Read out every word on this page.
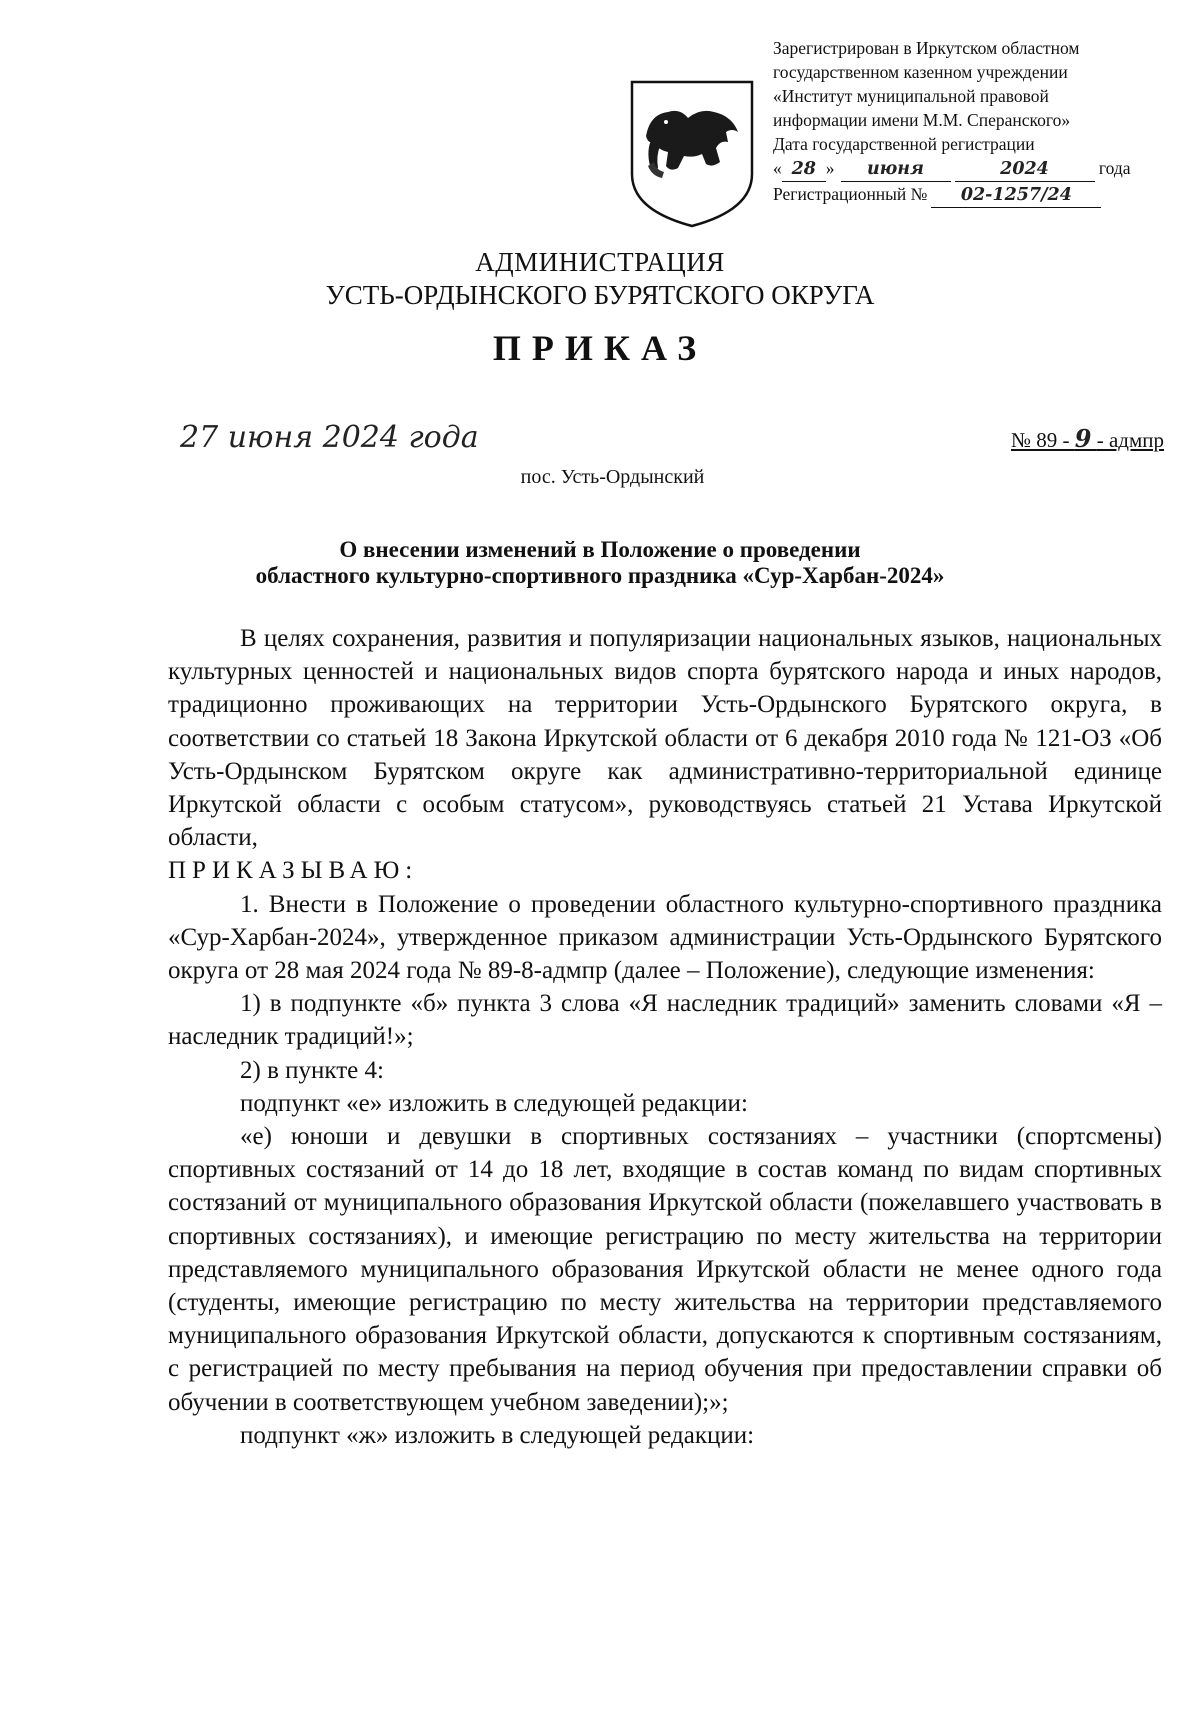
Зарегистрирован в Иркутском областном
государственном казенном учреждении
«Институт муниципальной правовой
информации имени М.М. Сперанского»
Дата государственной регистрации
« 28 » июня	2024	года
Регистрационный № 02-1257/24
АДМИНИСТРАЦИЯ
УСТЬ-ОРДЫНСКОГО БУРЯТСКОГО ОКРУГА
ПРИКАЗ
27 июня 2024 года	№ 89 - 9 - адмпр
пос. Усть-Ордынский
О внесении изменений в Положение о проведении
областного культурно-спортивного праздника «Сур-Харбан-2024»

В целях сохранения, развития и популяризации национальных языков, национальных культурных ценностей и национальных видов спорта бурятского народа и иных народов, традиционно проживающих на территории Усть-Ордынского Бурятского округа, в соответствии со статьей 18 Закона Иркутской области от 6 декабря 2010 года № 121-ОЗ «Об Усть-Ордынском Бурятском округе как административно-территориальной единице Иркутской области с особым статусом», руководствуясь статьей 21 Устава Иркутской области,

ПРИКАЗЫВАЮ:

1. Внести в Положение о проведении областного культурно-спортивного праздника «Сур-Харбан-2024», утвержденное приказом администрации Усть-Ордынского Бурятского округа от 28 мая 2024 года № 89-8-адмпр (далее – Положение), следующие изменения:

1) в подпункте «б» пункта 3 слова «Я наследник традиций» заменить словами «Я – наследник традиций!»;

2) в пункте 4:

подпункт «е» изложить в следующей редакции:

«е) юноши и девушки в спортивных состязаниях – участники (спортсмены) спортивных состязаний от 14 до 18 лет, входящие в состав команд по видам спортивных состязаний от муниципального образования Иркутской области (пожелавшего участвовать в спортивных состязаниях), и имеющие регистрацию по месту жительства на территории представляемого муниципального образования Иркутской области не менее одного года (студенты, имеющие регистрацию по месту жительства на территории представляемого муниципального образования Иркутской области, допускаются к спортивным состязаниям, с регистрацией по месту пребывания на период обучения при предоставлении справки об обучении в соответствующем учебном заведении);»;

подпункт «ж» изложить в следующей редакции:
